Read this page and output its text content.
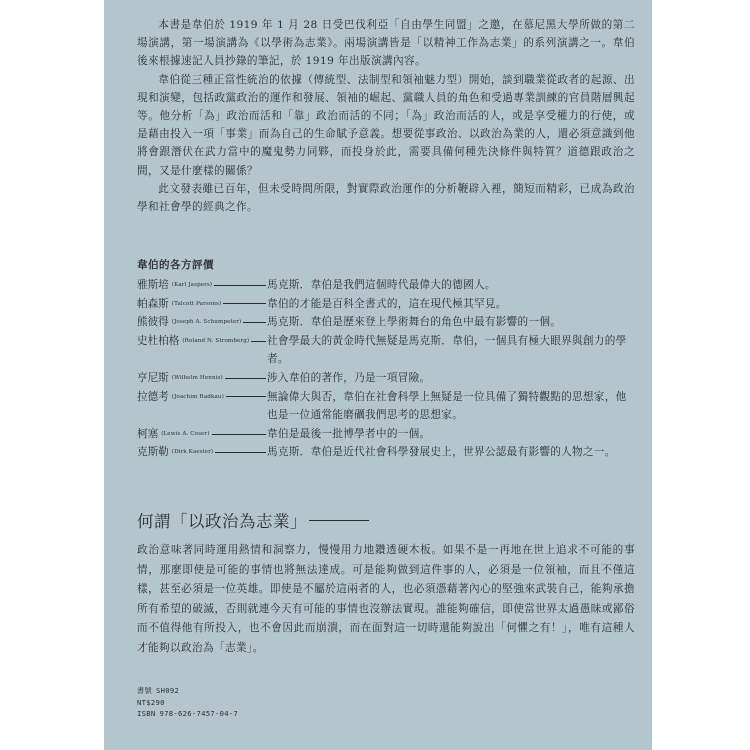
本書是韋伯於 1919 年 1 月 28 日受巴伐利亞「自由學生同盟」之邀，在慕尼黑大學所做的第二場演講，第一場演講為《以學術為志業》。兩場演講皆是「以精神工作為志業」的系列演講之一。韋伯後來根據速記人員抄錄的筆記，於 1919 年出版演講內容。

韋伯從三種正當性統治的依據（傳統型、法制型和領袖魅力型）開始，談到職業從政者的起源、出現和演變，包括政黨政治的運作和發展、領袖的崛起、黨職人員的角色和受過專業訓練的官員階層興起等。他分析「為」政治而活和「靠」政治而活的不同；「為」政治而活的人，或是享受權力的行使，或是藉由投入一項「事業」而為自己的生命賦予意義。想要從事政治、以政治為業的人，還必須意識到他將會跟潛伏在武力當中的魔鬼勢力同夥，而投身於此，需要具備何種先決條件與特質？道德跟政治之間，又是什麼樣的關係？

此文發表雖已百年，但未受時間所限，對實際政治運作的分析鞭辟入裡，簡短而精彩，已成為政治學和社會學的經典之作。

韋伯的各方評價
雅斯培 (Karl Jaspers)	馬克斯．韋伯是我們這個時代最偉大的德國人。
帕森斯 (Talcott Parsons)	韋伯的才能是百科全書式的，這在現代極其罕見。
熊彼得 (Joseph A. Schumpeter) 馬克斯．韋伯是歷來登上學術舞台的角色中最有影響的一個。
史杜柏格 (Roland N. Stromberg) 社會學最大的黃金時代無疑是馬克斯．韋伯，一個具有極大眼界與創力的學者。
亨尼斯 (Wilhelm Hennis)	涉入韋伯的著作，乃是一項冒險。
拉德考 (Joachim Radkau)	無論偉大與否，韋伯在社會科學上無疑是一位具備了獨特觀點的思想家，他也是一位通常能磨礪我們思考的思想家。
柯塞 (Lewis A. Coser)	韋伯是最後一批博學者中的一個。
克斯勒 (Dirk Kaesler)	馬克斯．韋伯是近代社會科學發展史上，世界公認最有影響的人物之一。
何謂「以政治為志業」
政治意味著同時運用熱情和洞察力，慢慢用力地鑽透硬木板。如果不是一再地在世上追求不可能的事情，那麼即使是可能的事情也將無法達成。可是能夠做到這件事的人，必須是一位領袖，而且不僅這樣，甚至必須是一位英雄。即使是不屬於這兩者的人，也必須憑藉著內心的堅強來武裝自己，能夠承擔所有希望的破滅，否則就連今天有可能的事情也沒辦法實現。誰能夠確信，即使當世界太過愚昧或鄙俗而不值得他有所投入，也不會因此而崩潰，而在面對這一切時還能夠說出「何懼之有！」，唯有這種人才能夠以政治為「志業」。
書號 SH092
NT$290
ISBN 978-626-7457-04-7
